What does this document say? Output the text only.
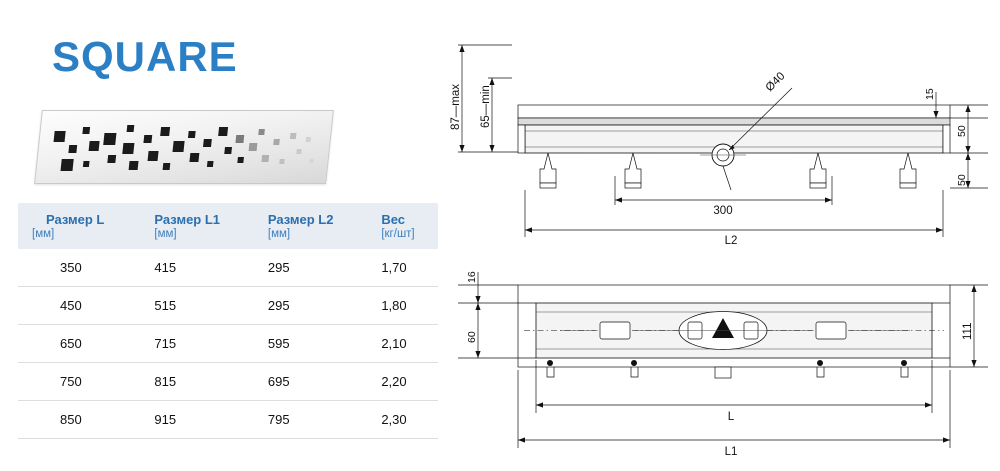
SQUARE
Размер L	Размер L1	Размер L2	Вес
[мм]	[мм]	[мм]	[кг/шт]
350	415	295	1,70
450	515	295	1,80
650	715	595	2,10
750	815	695	2,20
850	915	795	2,30
Ø40
15
50
50
300
L2
87—max 65—min
16
60	111
L
L1
